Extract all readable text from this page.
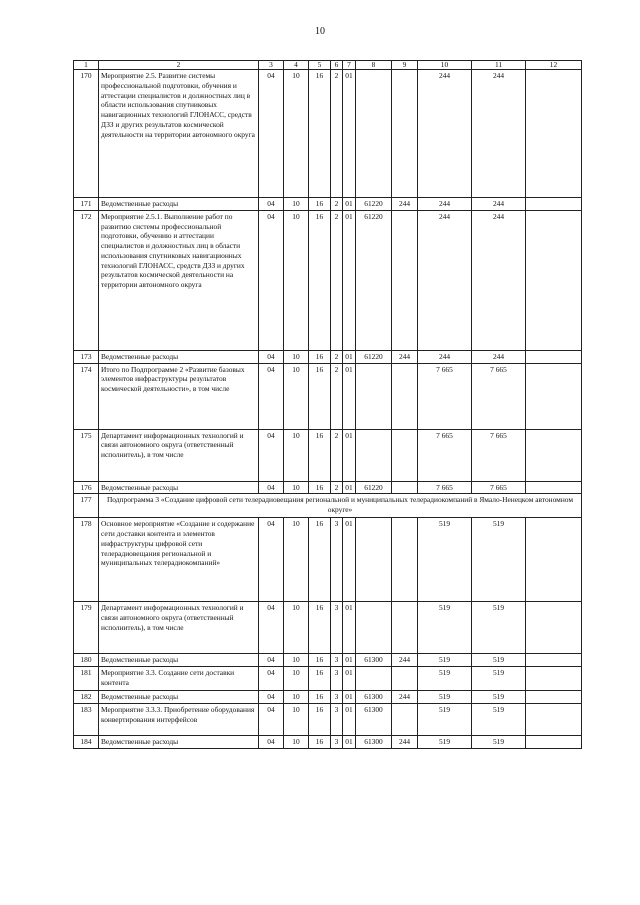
10
1	2	3	4	5	6	7	8	9	10	11	12
170	Мероприятие 2.5. Развитие системы профессиональной подготовки, обучения и аттестации специалистов и должностных лиц в области использования спутниковых навигационных технологий ГЛОНАСС, средств ДЗЗ и других результатов космической деятельности на территории автономного округа	04	10	16	2	01			244	244	
171	Ведомственные расходы	04	10	16	2	01	61220	244	244	244	
172	Мероприятие 2.5.1. Выполнение работ по развитию системы профессиональной подготовки, обучению и аттестации специалистов и должностных лиц в области использования спутниковых навигационных технологий ГЛОНАСС, средств ДЗЗ и других результатов космической деятельности на территории автономного округа	04	10	16	2	01	61220		244	244	
173	Ведомственные расходы	04	10	16	2	01	61220	244	244	244	
174	Итого по Подпрограмме 2 «Развитие базовых элементов инфраструктуры результатов космической деятельности», в том числе	04	10	16	2	01			7 665	7 665	
175	Департамент информационных технологий и связи автономного округа (ответственный исполнитель), в том числе	04	10	16	2	01			7 665	7 665	
176	Ведомственные расходы	04	10	16	2	01	61220		7 665	7 665	
177	Подпрограмма 3 «Создание цифровой сети телерадиовещания региональной и муниципальных телерадиокомпаний в Ямало-Ненецком автономном округе»										
178	Основное мероприятие «Создание и содержание сети доставки контента и элементов инфраструктуры цифровой сети телерадиовещания региональной и муниципальных телерадиокомпаний»	04	10	16	3	01			519	519	
179	Департамент информационных технологий и связи автономного округа (ответственный исполнитель), в том числе	04	10	16	3	01			519	519	
180	Ведомственные расходы	04	10	16	3	01	61300	244	519	519	
181	Мероприятие 3.3. Создание сети доставки контента	04	10	16	3	01			519	519	
182	Ведомственные расходы	04	10	16	3	01	61300	244	519	519	
183	Мероприятие 3.3.3. Приобретение оборудования конвертирования интерфейсов	04	10	16	3	01	61300		519	519	
184	Ведомственные расходы	04	10	16	3	01	61300	244	519	519	
